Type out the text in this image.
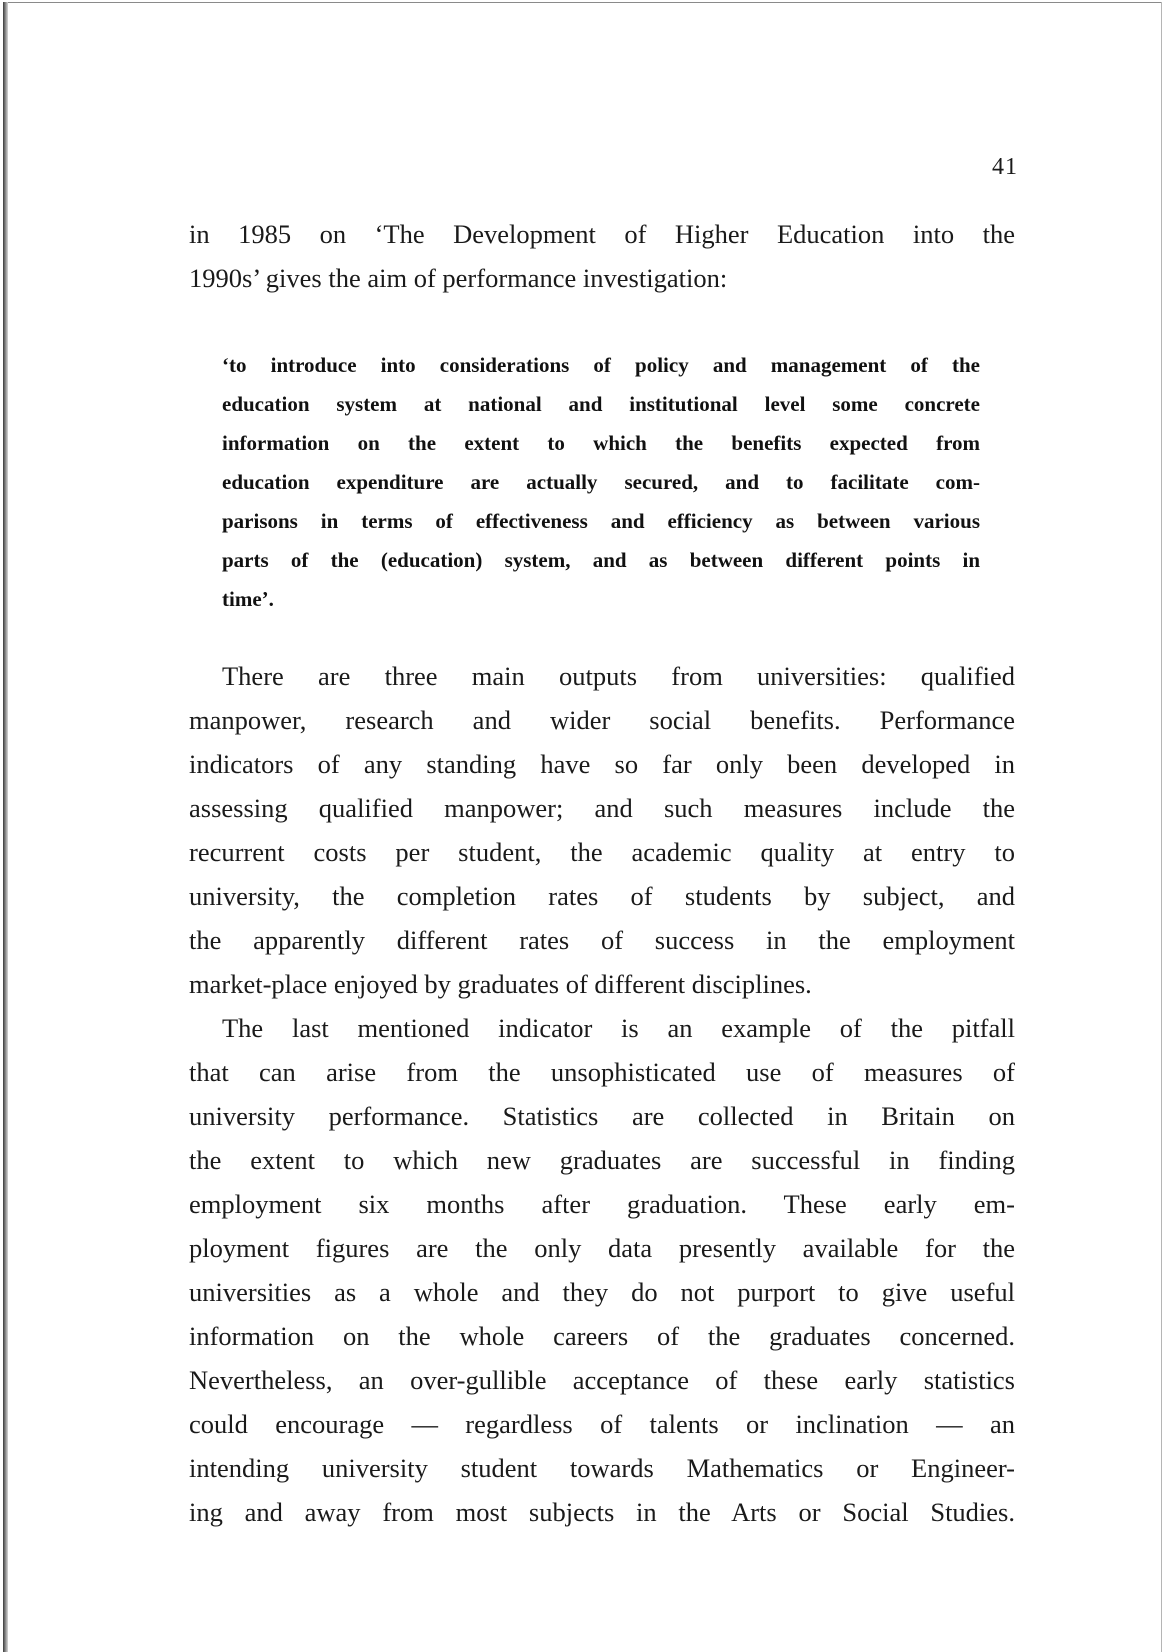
41
in 1985 on ‘The Development of Higher Education into the
1990s’ gives the aim of performance investigation:
‘to introduce into considerations of policy and management of the
education system at national and institutional level some concrete
information on the extent to which the benefits expected from
education expenditure are actually secured, and to facilitate com-
parisons in terms of effectiveness and efficiency as between various
parts of the (education) system, and as between different points in
time’.
There are three main outputs from universities: qualified
manpower, research and wider social benefits. Performance
indicators of any standing have so far only been developed in
assessing qualified manpower; and such measures include the
recurrent costs per student, the academic quality at entry to
university, the completion rates of students by subject, and
the apparently different rates of success in the employment
market-place enjoyed by graduates of different disciplines.
The last mentioned indicator is an example of the pitfall
that can arise from the unsophisticated use of measures of
university performance. Statistics are collected in Britain on
the extent to which new graduates are successful in finding
employment six months after graduation. These early em-
ployment figures are the only data presently available for the
universities as a whole and they do not purport to give useful
information on the whole careers of the graduates concerned.
Nevertheless, an over-gullible acceptance of these early statistics
could encourage — regardless of talents or inclination — an
intending university student towards Mathematics or Engineer-
ing and away from most subjects in the Arts or Social Studies.
